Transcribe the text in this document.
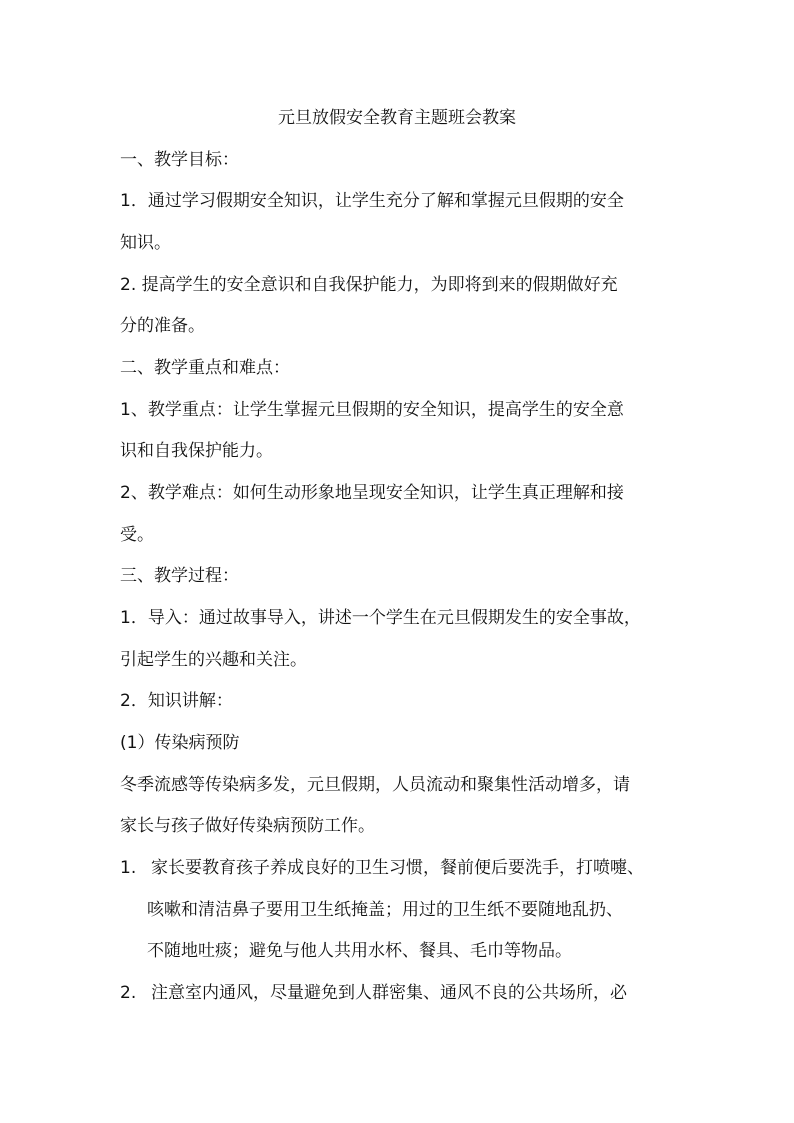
元旦放假安全教育主题班会教案
一、教学目标：
1．通过学习假期安全知识，让学生充分了解和掌握元旦假期的安全
知识。
2. 提高学生的安全意识和自我保护能力，为即将到来的假期做好充
分的准备。
二、教学重点和难点：
1、教学重点：让学生掌握元旦假期的安全知识，提高学生的安全意
识和自我保护能力。
2、教学难点：如何生动形象地呈现安全知识，让学生真正理解和接
受。
三、教学过程：
1．导入：通过故事导入，讲述一个学生在元旦假期发生的安全事故，
引起学生的兴趣和关注。
2．知识讲解：
(1）传染病预防
冬季流感等传染病多发，元旦假期，人员流动和聚集性活动增多，请
家长与孩子做好传染病预防工作。
1. 家长要教育孩子养成良好的卫生习惯，餐前便后要洗手，打喷嚏、
咳嗽和清洁鼻子要用卫生纸掩盖；用过的卫生纸不要随地乱扔、
不随地吐痰；避免与他人共用水杯、餐具、毛巾等物品。
2. 注意室内通风，尽量避免到人群密集、通风不良的公共场所，必
